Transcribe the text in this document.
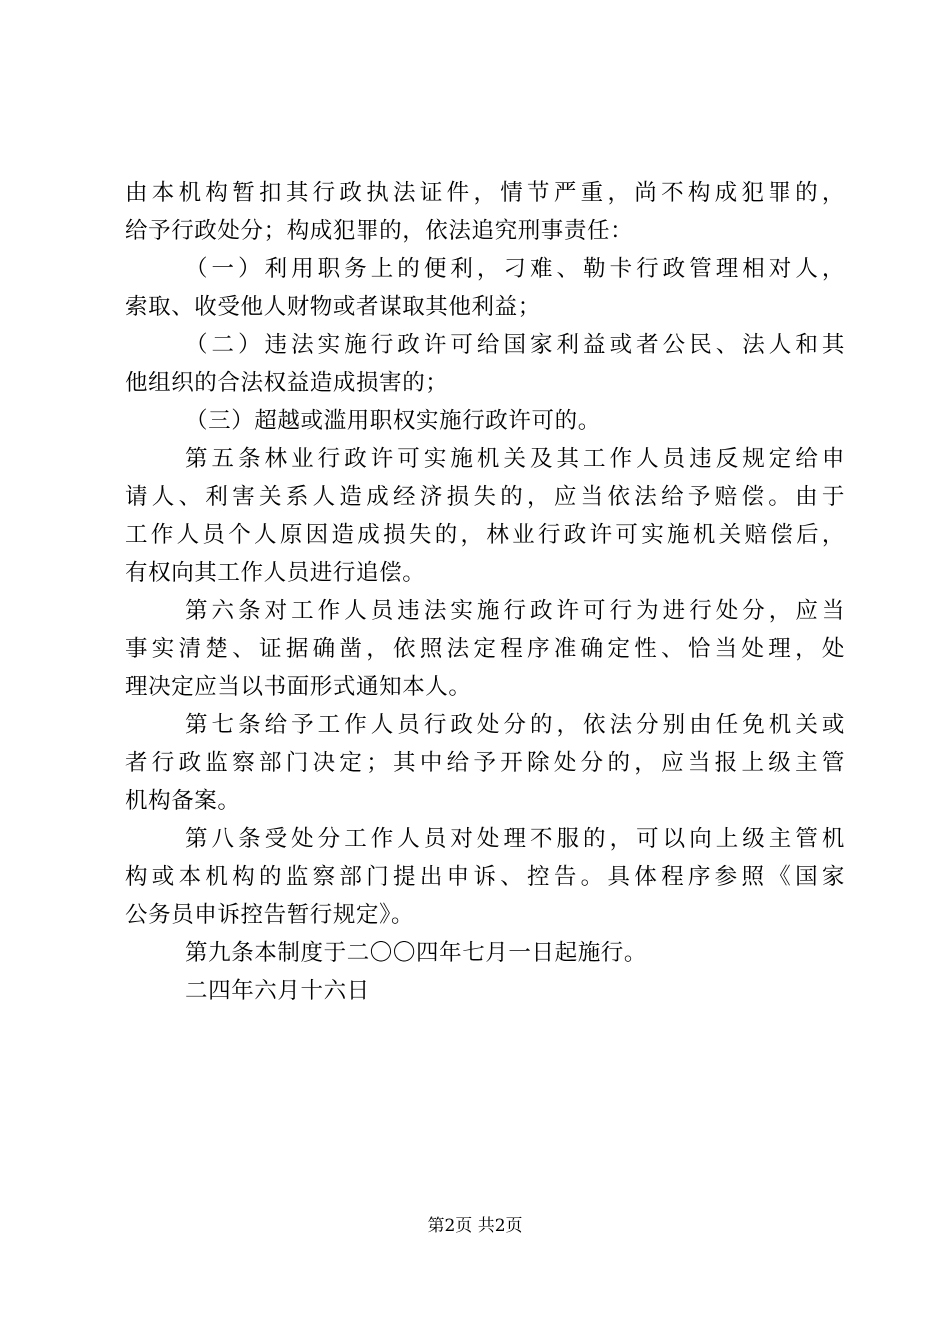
由本机构暂扣其行政执法证件，情节严重，尚不构成犯罪的，
给予行政处分；构成犯罪的，依法追究刑事责任：
（一）利用职务上的便利，刁难、勒卡行政管理相对人，
索取、收受他人财物或者谋取其他利益；
（二）违法实施行政许可给国家利益或者公民、法人和其
他组织的合法权益造成损害的；
（三）超越或滥用职权实施行政许可的。
第五条林业行政许可实施机关及其工作人员违反规定给申
请人、利害关系人造成经济损失的，应当依法给予赔偿。由于
工作人员个人原因造成损失的，林业行政许可实施机关赔偿后，
有权向其工作人员进行追偿。
第六条对工作人员违法实施行政许可行为进行处分，应当
事实清楚、证据确凿，依照法定程序准确定性、恰当处理，处
理决定应当以书面形式通知本人。
第七条给予工作人员行政处分的，依法分别由任免机关或
者行政监察部门决定；其中给予开除处分的，应当报上级主管
机构备案。
第八条受处分工作人员对处理不服的，可以向上级主管机
构或本机构的监察部门提出申诉、控告。具体程序参照《国家
公务员申诉控告暂行规定》。
第九条本制度于二〇〇四年七月一日起施行。
二四年六月十六日
第2页 共2页
